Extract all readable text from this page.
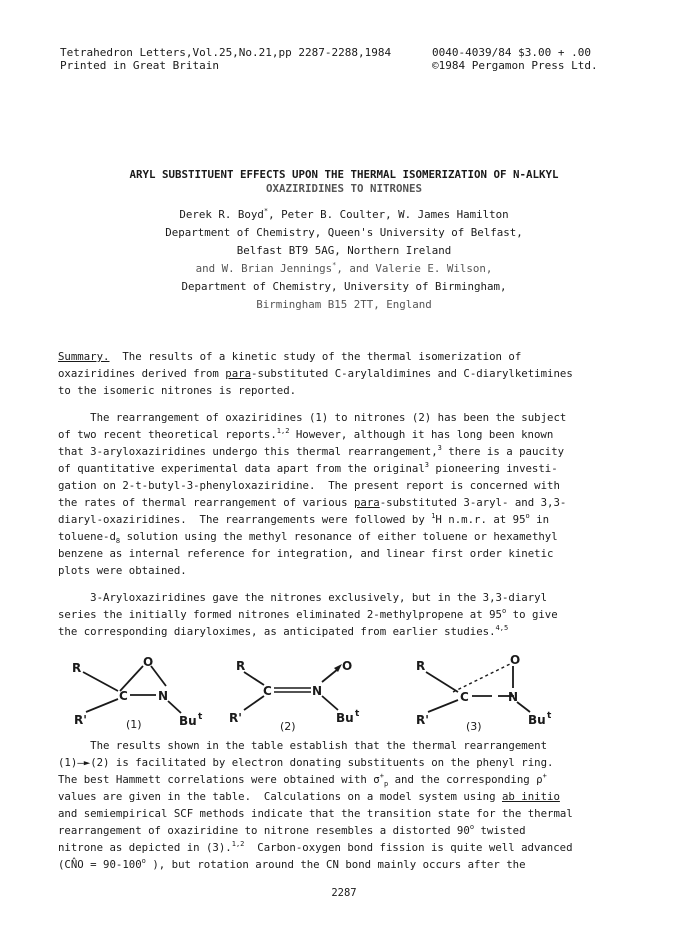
Tetrahedron Letters,Vol.25,No.21,pp 2287-2288,1984
Printed in Great Britain
0040-4039/84 $3.00 + .00
©1984 Pergamon Press Ltd.
ARYL SUBSTITUENT EFFECTS UPON THE THERMAL ISOMERIZATION OF N-ALKYL
OXAZIRIDINES TO NITRONES
Derek R. Boyd*, Peter B. Coulter, W. James Hamilton
Department of Chemistry, Queen's University of Belfast,
Belfast BT9 5AG, Northern Ireland
and W. Brian Jennings*, and Valerie E. Wilson,
Department of Chemistry, University of Birmingham,
Birmingham B15 2TT, England
Summary.  The results of a kinetic study of the thermal isomerization of
oxaziridines derived from para-substituted C-arylaldimines and C-diarylketimines
to the isomeric nitrones is reported.
The rearrangement of oxaziridines (1) to nitrones (2) has been the subject
of two recent theoretical reports.$^{1,2}$ However, although it has long been known
that 3-aryloxaziridines undergo this thermal rearrangement,$^3$ there is a paucity
of quantitative experimental data apart from the original$^3$ pioneering investi-
gation on 2-t-butyl-3-phenyloxaziridine.  The present report is concerned with
the rates of thermal rearrangement of various para-substituted 3-aryl- and 3,3-
diaryl-oxaziridines.  The rearrangements were followed by $^1$H n.m.r. at 95$^o$ in
toluene-$d_8$ solution using the methyl resonance of either toluene or hexamethyl
benzene as internal reference for integration, and linear first order kinetic
plots were obtained.
3-Aryloxaziridines gave the nitrones exclusively, but in the 3,3-diaryl
series the initially formed nitrones eliminated 2-methylpropene at 95$^o$ to give
the corresponding diaryloximes, as anticipated from earlier studies.$^{4,5}$
R	O
C	N
R'	Bu t
(1)
R
C	N
O
R'	Bu t
(2)
R	O
C	N
R'	Bu t
(3)
The results shown in the table establish that the thermal rearrangement
(1)—►(2) is facilitated by electron donating substituents on the phenyl ring.
The best Hammett correlations were obtained with $\sigma^+_p$ and the corresponding ρ+
values are given in the table.  Calculations on a model system using ab initio
and semiempirical SCF methods indicate that the transition state for the thermal
rearrangement of oxaziridine to nitrone resembles a distorted 90$^o$ twisted
nitrone as depicted in (3).$^{1,2}$  Carbon-oxygen bond fission is quite well advanced
(CN̂O = $90-100^o$ ), but rotation around the CN bond mainly occurs after the
2287
